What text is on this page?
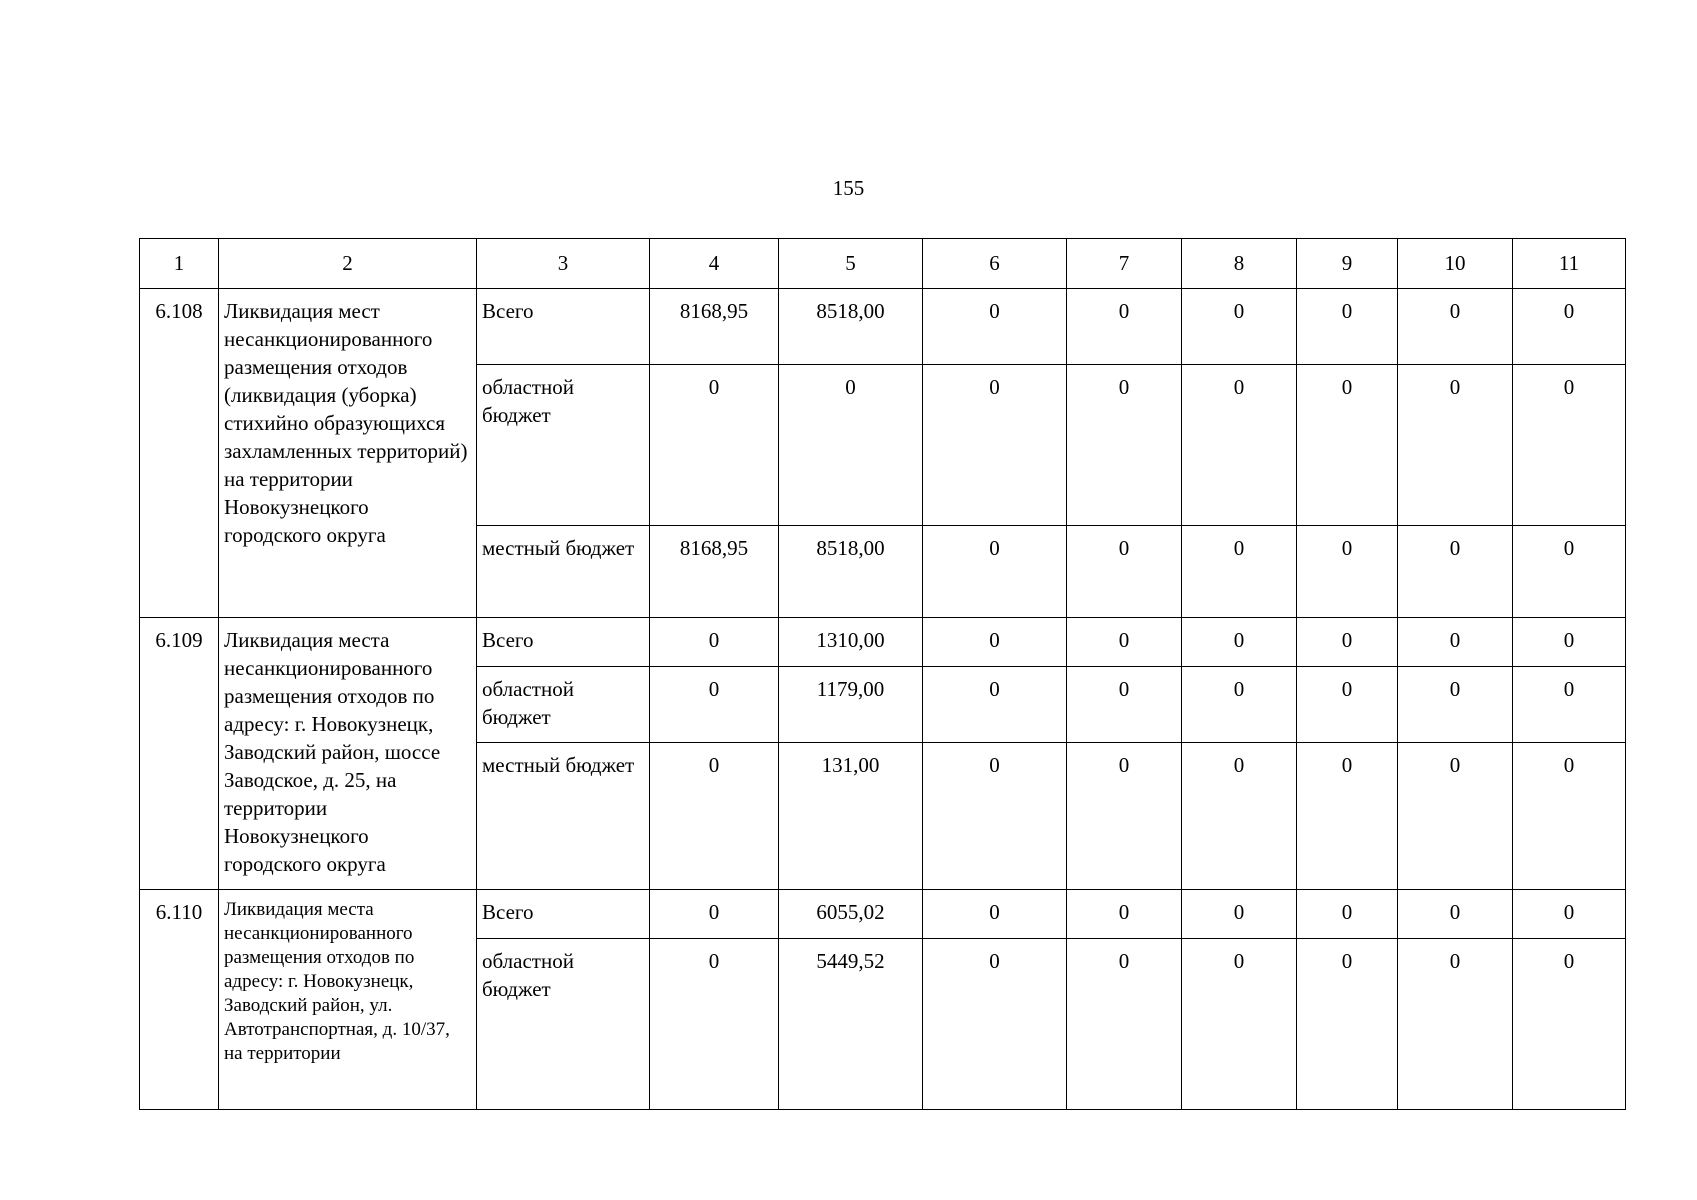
155
1	2	3	4	5	6	7	8	9	10	11
6.108	Ликвидация мест несанкционированного размещения отходов (ликвидация (уборка) стихийно образующихся захламленных территорий) на территории Новокузнецкого городского округа	Всего	8168,95	8518,00	0	0	0	0	0	0
		областной бюджет	0	0	0	0	0	0	0	0
		местный бюджет	8168,95	8518,00	0	0	0	0	0	0
6.109	Ликвидация места несанкционированного размещения отходов по адресу: г. Новокузнецк, Заводский район, шоссе Заводское, д. 25, на территории Новокузнецкого городского округа	Всего	0	1310,00	0	0	0	0	0	0
		областной бюджет	0	1179,00	0	0	0	0	0	0
		местный бюджет	0	131,00	0	0	0	0	0	0
6.110	Ликвидация места несанкционированного размещения отходов по адресу: г. Новокузнецк, Заводский район, ул. Автотранспортная, д. 10/37, на территории	Всего	0	6055,02	0	0	0	0	0	0
		областной бюджет	0	5449,52	0	0	0	0	0	0
